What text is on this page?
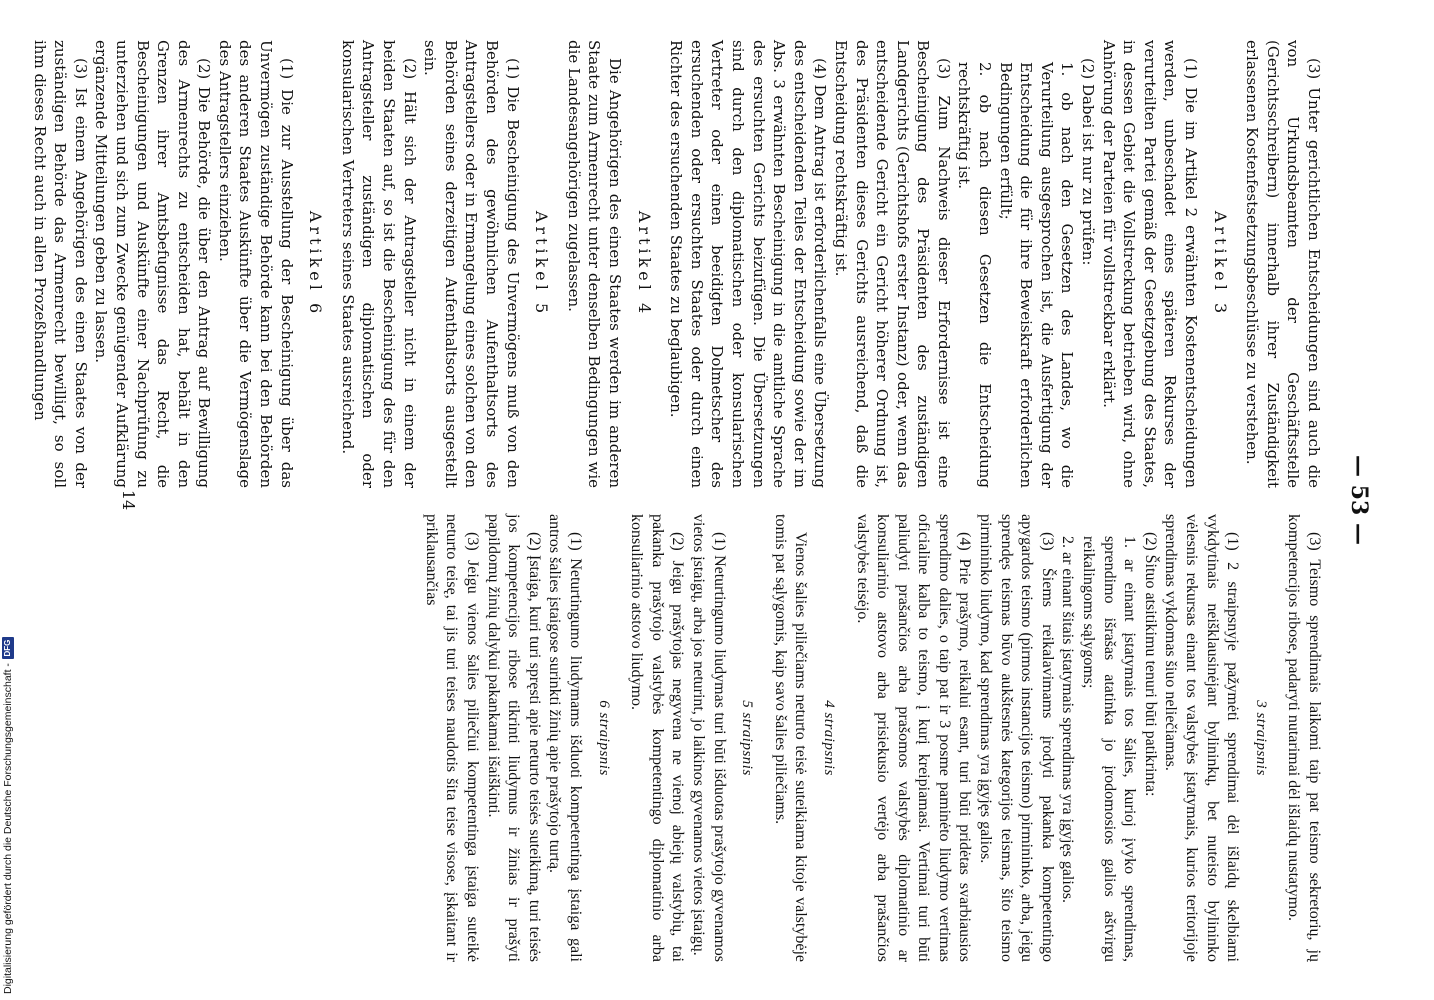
— 53 —

(3) Unter gerichtlichen Entscheidungen sind auch die von Urkundsbeamten der Geschäftsstelle (Gerichtsschreibern) innerhalb ihrer Zuständigkeit erlassenen Kostenfestsetzungsbeschlüsse zu verstehen.

Artikel 3

(1) Die im Artikel 2 erwähnten Kostenentscheidungen werden, unbeschadet eines späteren Rekurses der verurteilten Partei gemäß der Gesetzgebung des Staates, in dessen Gebiet die Vollstreckung betrieben wird, ohne Anhörung der Parteien für vollstreckbar erklärt.

(2) Dabei ist nur zu prüfen:

1. ob nach den Gesetzen des Landes, wo die Verurteilung ausgesprochen ist, die Ausfertigung der Entscheidung die für ihre Beweiskraft erforderlichen Bedingungen erfüllt;

2. ob nach diesen Gesetzen die Entscheidung rechtskräftig ist.

(3) Zum Nachweis dieser Erfordernisse ist eine Bescheinigung des Präsidenten des zuständigen Landgerichts (Gerichtshofs erster Instanz) oder, wenn das entscheidende Gericht ein Gericht höherer Ordnung ist, des Präsidenten dieses Gerichts ausreichend, daß die Entscheidung rechtskräftig ist.

(4) Dem Antrag ist erforderlichenfalls eine Übersetzung des entscheidenden Teiles der Entscheidung sowie der im Abs. 3 erwähnten Bescheinigung in die amtliche Sprache des ersuchten Gerichts beizufügen. Die Übersetzungen sind durch den diplomatischen oder konsularischen Vertreter oder einen beeidigten Dolmetscher des ersuchenden oder ersuchten Staates oder durch einen Richter des ersuchenden Staates zu beglaubigen.

Artikel 4

Die Angehörigen des einen Staates werden im anderen Staate zum Armenrecht unter denselben Bedingungen wie die Landesangehörigen zugelassen.

Artikel 5

(1) Die Bescheinigung des Unvermögens muß von den Behörden des gewöhnlichen Aufenthaltsorts des Antragstellers oder in Ermangelung eines solchen von den Behörden seines derzeitigen Aufenthaltsorts ausgestellt sein.

(2) Hält sich der Antragsteller nicht in einem der beiden Staaten auf, so ist die Bescheinigung des für den Antragsteller zuständigen diplomatischen oder konsularischen Vertreters seines Staates ausreichend.

Artikel 6

(1) Die zur Ausstellung der Bescheinigung über das Unvermögen zuständige Behörde kann bei den Behörden des anderen Staates Auskünfte über die Vermögenslage des Antragstellers einziehen.

(2) Die Behörde, die über den Antrag auf Bewilligung des Armenrechts zu entscheiden hat, behält in den Grenzen ihrer Amtsbefugnisse das Recht, die Bescheinigungen und Auskünfte einer Nachprüfung zu unterziehen und sich zum Zwecke genügender Aufklärung ergänzende Mitteilungen geben zu lassen.

(3) Ist einem Angehörigen des einen Staates von der zuständigen Behörde das Armenrecht bewilligt, so soll ihm dieses Recht auch in allen Prozeßhandlungen

(3) Teismo sprendimais laikomi taip pat teismo sekretorių, jų kompetencijos ribose, padaryti nutarimai dėl išlaidų nustatymo.

3 straipsnis

(1) 2 straipsnyje pažymėti sprendimai dėl išlaidų skelbiami vykdytinais neišklausinėjant bylininkų, bet nuteisto bylininko vėlesnis rekursas einant tos valstybės įstatymais, kurios teritorijoje sprendimas vykdomas šiuo neliečiamas.

(2) Šituo atsitikimu tenuri būti patikrinta:

1. ar einant įstatymais tos šalies, kurioj įvyko sprendimas, sprendimo išrašas atatinka jo įrodomosios galios aštvirgu reikalingoms sąlygoms;

2. ar einant šitais įstatymais sprendimas yra įgyjęs galios.

(3) Šiems reikalavimams įrodyti pakanka kompetentingo apygardos teismo (pirmos instancijos teismo) pirmininko, arba, jeigu sprendęs teismas būvo aukštesnės kategorijos teismas, šito teismo pirmininko liudymo, kad sprendimas yra įgyjęs galios.

(4) Prie prašymo, reikalui esant, turi būti pridėtas svarbiausios sprendimo dalies, o taip pat ir 3 posme paminėto liudymo vertimas oficialine kalba to teismo, į kurį kreipiamasi. Vertimai turi būti paliudyti prašančios arba prašomos valstybės diplomatinio ar konsuliarinio atstovo arba prisiekusio vertėjo arba prašančios valstybės teisėjo.

4 straipsnis

Vienos šalies piliečiams neturto teisė suteikiama kitoje valstybėje tomis pat sąlygomis, kaip savo šalies piliečiams.

5 straipsnis

(1) Neturtingumo liudymas turi būti išduotas prašytojo gyvenamos vietos įstaigų, arba jos neturint, jo laikinos gyvenamos vietos įstaigų.

(2) Jeigu prašytojas negyvena ne vienoj abiejų valstybių, tai pakanka prašytojo valstybės kompetentingo diplomatinio arba konsuliarinio atstovo liudymo.

6 straipsnis

(1) Neturtingumo liudymams išduoti kompetentinga įstaiga gali antros šalies įstaigose surinkti žinių apie prašytojo turtą.

(2) Įstaiga, kuri turi spręsti apie neturto teisės suteikimą, turi teisės jos kompetencijos ribose tikrinti liudymus ir žinias ir prašyti papildomų žinių dalykui pakankamai išaiškinti.

(3) Jeigu vienos šalies piliečiui kompetentinga įstaiga suteikė neturto teisę, tai jis turi teises naudotis šita teise visose, įskaitant ir priklausančias

14
Digitalisierung gefördert durch die Deutsche Forschungsgemeinschaft -
DFG
